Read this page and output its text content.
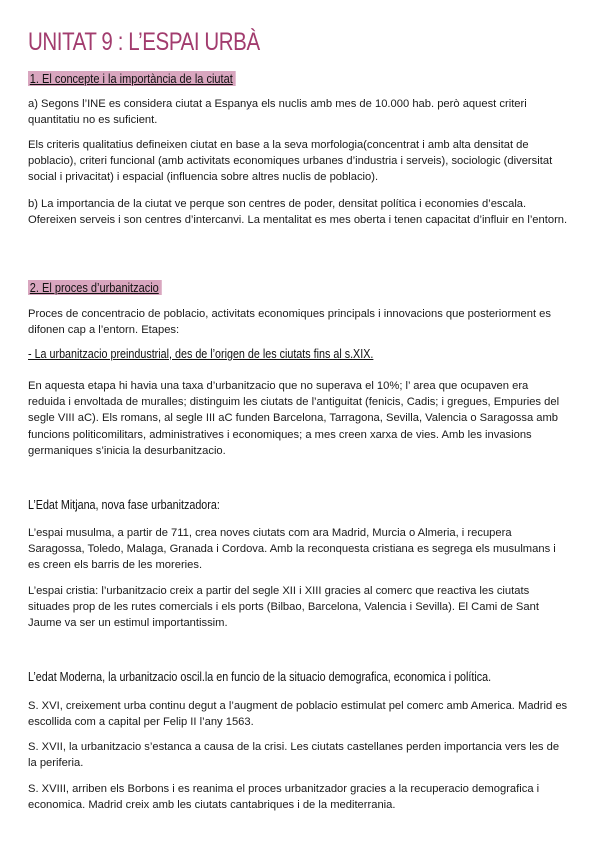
UNITAT 9 : L’ESPAI URBÀ
1. El concepte i la importància de la ciutat

a) Segons l’INE es considera ciutat a Espanya els nuclis amb mes de 10.000 hab. però aquest criteri quantitatiu no es suficient.

Els criteris qualitatius defineixen ciutat en base a la seva morfologia(concentrat i amb alta densitat de poblacio), criteri funcional (amb activitats economiques urbanes d’industria i serveis), sociologic (diversitat social i privacitat) i espacial (influencia sobre altres nuclis de poblacio).

b) La importancia de la ciutat ve perque son centres de poder, densitat política i economies d’escala. Ofereixen serveis i son centres d’intercanvi. La mentalitat es mes oberta i tenen capacitat d’influir en l’entorn.

2. El proces d’urbanitzacio

Proces de concentracio de poblacio, activitats economiques principals i innovacions que posteriorment es difonen cap a l’entorn. Etapes:

- La urbanitzacio preindustrial, des de l’origen de les ciutats fins al s.XIX.

En aquesta etapa hi havia una taxa d’urbanitzacio que no superava el 10%; l’ area que ocupaven era reduida i envoltada de muralles; distinguim les ciutats de l’antiguitat (fenicis, Cadis; i gregues, Empuries del segle VIII aC). Els romans, al segle III aC funden Barcelona, Tarragona, Sevilla, Valencia o Saragossa amb funcions politicomilitars, administratives i economiques; a mes creen xarxa de vies. Amb les invasions germaniques s’inicia la desurbanitzacio.

L’Edat Mitjana, nova fase urbanitzadora:

L’espai musulma, a partir de 711, crea noves ciutats com ara Madrid, Murcia o Almeria, i recupera Saragossa, Toledo, Malaga, Granada i Cordova. Amb la reconquesta cristiana es segrega els musulmans i es creen els barris de les moreries.

L’espai cristia: l’urbanitzacio creix a partir del segle XII i XIII gracies al comerc que reactiva les ciutats situades prop de les rutes comercials i els ports (Bilbao, Barcelona, Valencia i Sevilla). El Cami de Sant Jaume va ser un estimul importantissim.

L’edat Moderna, la urbanitzacio oscil.la en funcio de la situacio demografica, economica i política.

S. XVI, creixement urba continu degut a l’augment de poblacio estimulat pel comerc amb America. Madrid es escollida com a capital per Felip II l’any 1563.

S. XVII, la urbanitzacio s’estanca a causa de la crisi. Les ciutats castellanes perden importancia vers les de la periferia.

S. XVIII, arriben els Borbons i es reanima el proces urbanitzador gracies a la recuperacio demografica i economica. Madrid creix amb les ciutats cantabriques i de la mediterrania.
